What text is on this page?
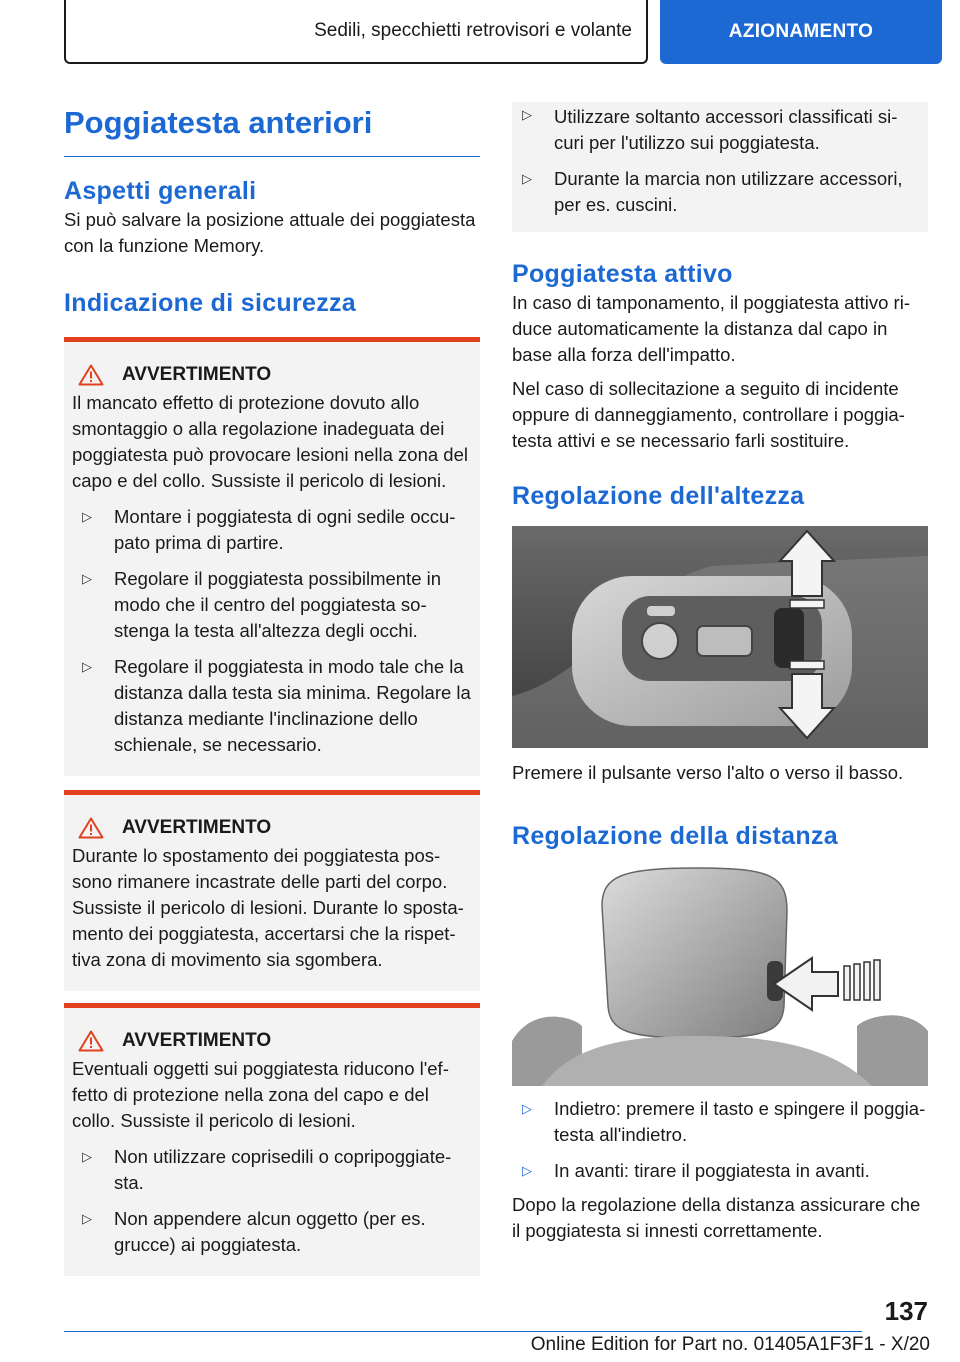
Sedili, specchietti retrovisori e volante	AZIONAMENTO
Poggiatesta anteriori
Aspetti generali

Si può salvare la posizione attuale dei poggiatesta con la funzione Memory.

Indicazione di sicurezza
AVVERTIMENTO

Il mancato effetto di protezione dovuto allo smontaggio o alla regolazione inadeguata dei poggiatesta può provocare lesioni nella zona del capo e del collo. Sussiste il pericolo di lesioni.

▷ Montare i poggiatesta di ogni sedile occupato prima di partire.
▷ Regolare il poggiatesta possibilmente in modo che il centro del poggiatesta sostenga la testa all'altezza degli occhi.
▷ Regolare il poggiatesta in modo tale che la distanza dalla testa sia minima. Regolare la distanza mediante l'inclinazione dello schienale, se necessario.
AVVERTIMENTO

Durante lo spostamento dei poggiatesta possono rimanere incastrate delle parti del corpo. Sussiste il pericolo di lesioni. Durante lo spostamento dei poggiatesta, accertarsi che la rispettiva zona di movimento sia sgombera.

AVVERTIMENTO

Eventuali oggetti sui poggiatesta riducono l'effetto di protezione nella zona del capo e del collo. Sussiste il pericolo di lesioni.

▷ Non utilizzare coprisedili o copripoggiatesta.
▷ Non appendere alcun oggetto (per es. grucce) ai poggiatesta.
▷ Utilizzare soltanto accessori classificati sicuri per l'utilizzo sui poggiatesta.
▷ Durante la marcia non utilizzare accessori, per es. cuscini.
Poggiatesta attivo

In caso di tamponamento, il poggiatesta attivo riduce automaticamente la distanza dal capo in base alla forza dell'impatto.

Nel caso di sollecitazione a seguito di incidente oppure di danneggiamento, controllare i poggiatesta attivi e se necessario farli sostituire.

Regolazione dell'altezza

Premere il pulsante verso l'alto o verso il basso.

Regolazione della distanza
▷ Indietro: premere il tasto e spingere il poggiatesta all'indietro.
▷ In avanti: tirare il poggiatesta in avanti.

Dopo la regolazione della distanza assicurare che il poggiatesta si innesti correttamente.

137
Online Edition for Part no. 01405A1F3F1 - X/20
